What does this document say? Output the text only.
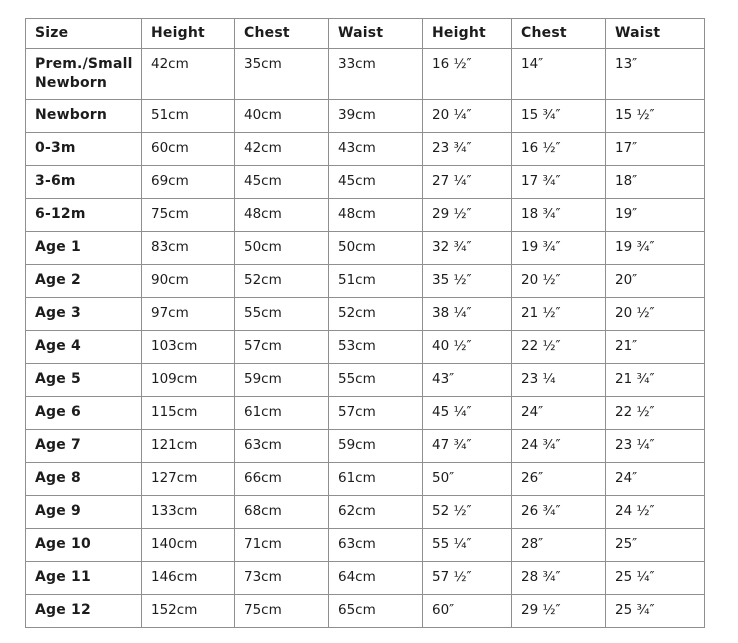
Size	Height	Chest	Waist	Height	Chest	Waist
Prem./Small Newborn	42cm	35cm	33cm	16 ½″	14″	13″
Newborn	51cm	40cm	39cm	20 ¼″	15 ¾″	15 ½″
0-3m	60cm	42cm	43cm	23 ¾″	16 ½″	17″
3-6m	69cm	45cm	45cm	27 ¼″	17 ¾″	18″
6-12m	75cm	48cm	48cm	29 ½″	18 ¾″	19″
Age 1	83cm	50cm	50cm	32 ¾″	19 ¾″	19 ¾″
Age 2	90cm	52cm	51cm	35 ½″	20 ½″	20″
Age 3	97cm	55cm	52cm	38 ¼″	21 ½″	20 ½″
Age 4	103cm	57cm	53cm	40 ½″	22 ½″	21″
Age 5	109cm	59cm	55cm	43″	23 ¼	21 ¾″
Age 6	115cm	61cm	57cm	45 ¼″	24″	22 ½″
Age 7	121cm	63cm	59cm	47 ¾″	24 ¾″	23 ¼″
Age 8	127cm	66cm	61cm	50″	26″	24″
Age 9	133cm	68cm	62cm	52 ½″	26 ¾″	24 ½″
Age 10	140cm	71cm	63cm	55 ¼″	28″	25″
Age 11	146cm	73cm	64cm	57 ½″	28 ¾″	25 ¼″
Age 12	152cm	75cm	65cm	60″	29 ½″	25 ¾″
